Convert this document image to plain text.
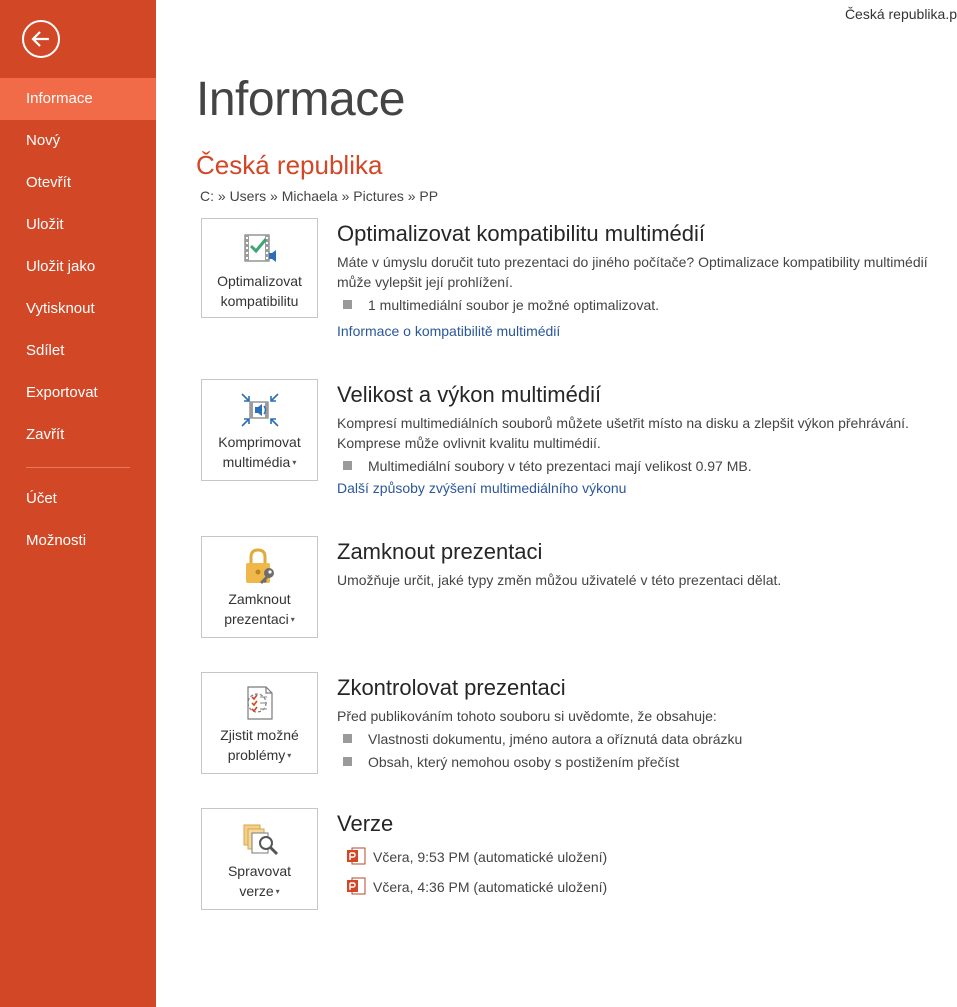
Informace
Nový
Otevřít
Uložit
Uložit jako
Vytisknout
Sdílet
Exportovat
Zavřít
Účet
Možnosti
Česká republika.p
Informace
Česká republika
C: » Users » Michaela » Pictures » PP
Optimalizovat
kompatibilitu
Optimalizovat kompatibilitu multimédií

Máte v úmyslu doručit tuto prezentaci do jiného počítače? Optimalizace kompatibility multimédií může vylepšit její prohlížení.

1 multimediální soubor je možné optimalizovat.
Informace o kompatibilitě multimédií
Komprimovat
multimédia ▾
Velikost a výkon multimédií

Kompresí multimediálních souborů můžete ušetřit místo na disku a zlepšit výkon přehrávání. Komprese může ovlivnit kvalitu multimédií.

Multimediální soubory v této prezentaci mají velikost 0.97 MB.
Další způsoby zvýšení multimediálního výkonu
Zamknout
prezentaci ▾
Zamknout prezentaci

Umožňuje určit, jaké typy změn můžou uživatelé v této prezentaci dělat.

Zjistit možné
problémy ▾
Zkontrolovat prezentaci

Před publikováním tohoto souboru si uvědomte, že obsahuje:

Vlastnosti dokumentu, jméno autora a oříznutá data obrázku
Obsah, který nemohou osoby s postižením přečíst
Spravovat
verze ▾
Verze
Včera, 9:53 PM (automatické uložení)
Včera, 4:36 PM (automatické uložení)
